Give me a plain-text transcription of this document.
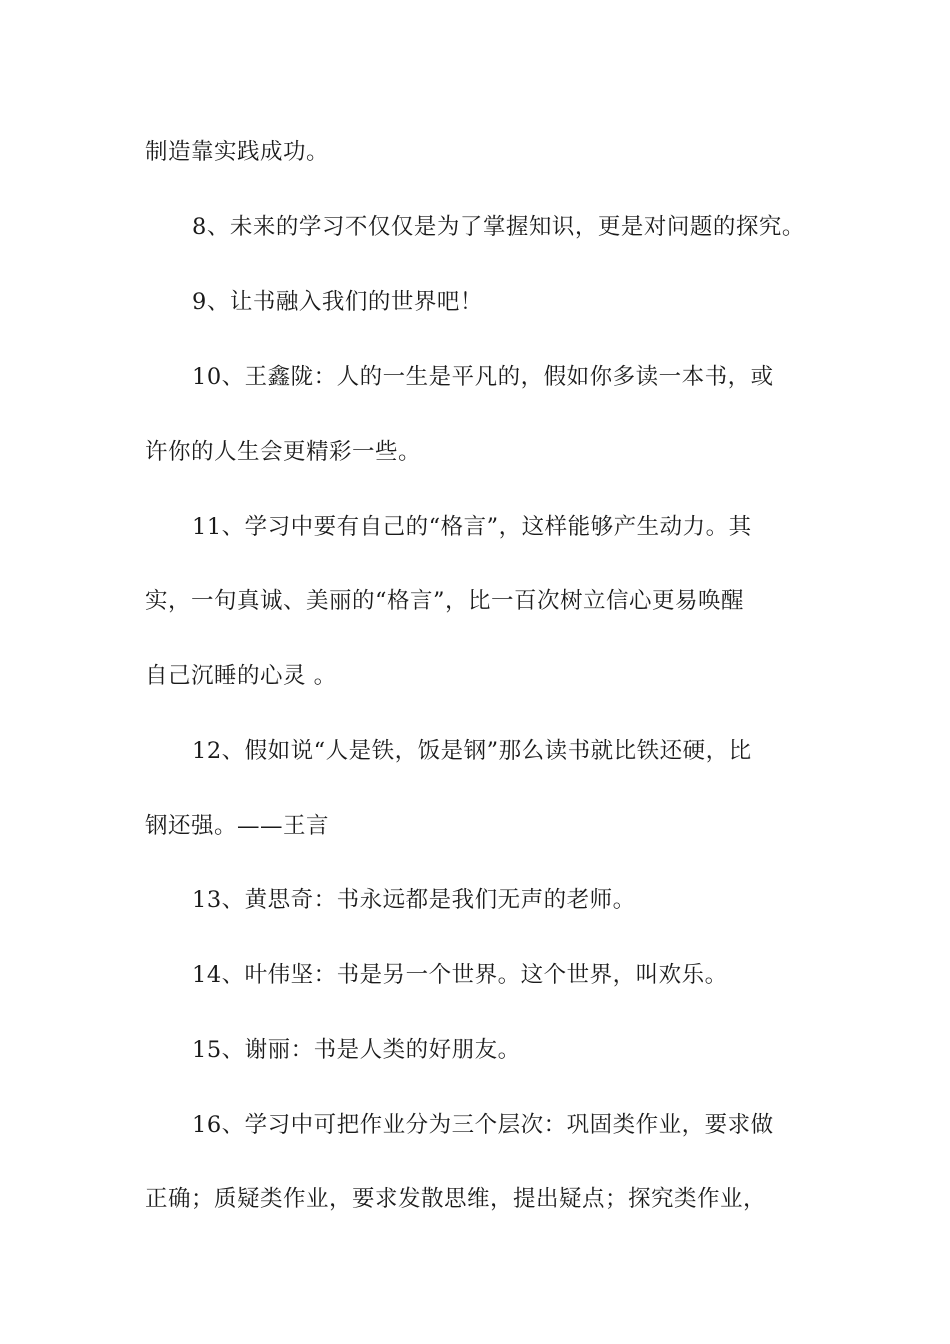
制造靠实践成功。
8、未来的学习不仅仅是为了掌握知识，更是对问题的探究。
9、让书融入我们的世界吧！
10、王鑫陇：人的一生是平凡的，假如你多读一本书，或
许你的人生会更精彩一些。
11、学习中要有自己的“格言”，这样能够产生动力。其
实，一句真诚、美丽的“格言”，比一百次树立信心更易唤醒
自己沉睡的心灵 。
12、假如说“人是铁，饭是钢”那么读书就比铁还硬，比
钢还强。——王言
13、黄思奇：书永远都是我们无声的老师。
14、叶伟坚：书是另一个世界。这个世界，叫欢乐。
15、谢丽：书是人类的好朋友。
16、学习中可把作业分为三个层次：巩固类作业，要求做
正确；质疑类作业，要求发散思维，提出疑点；探究类作业，
